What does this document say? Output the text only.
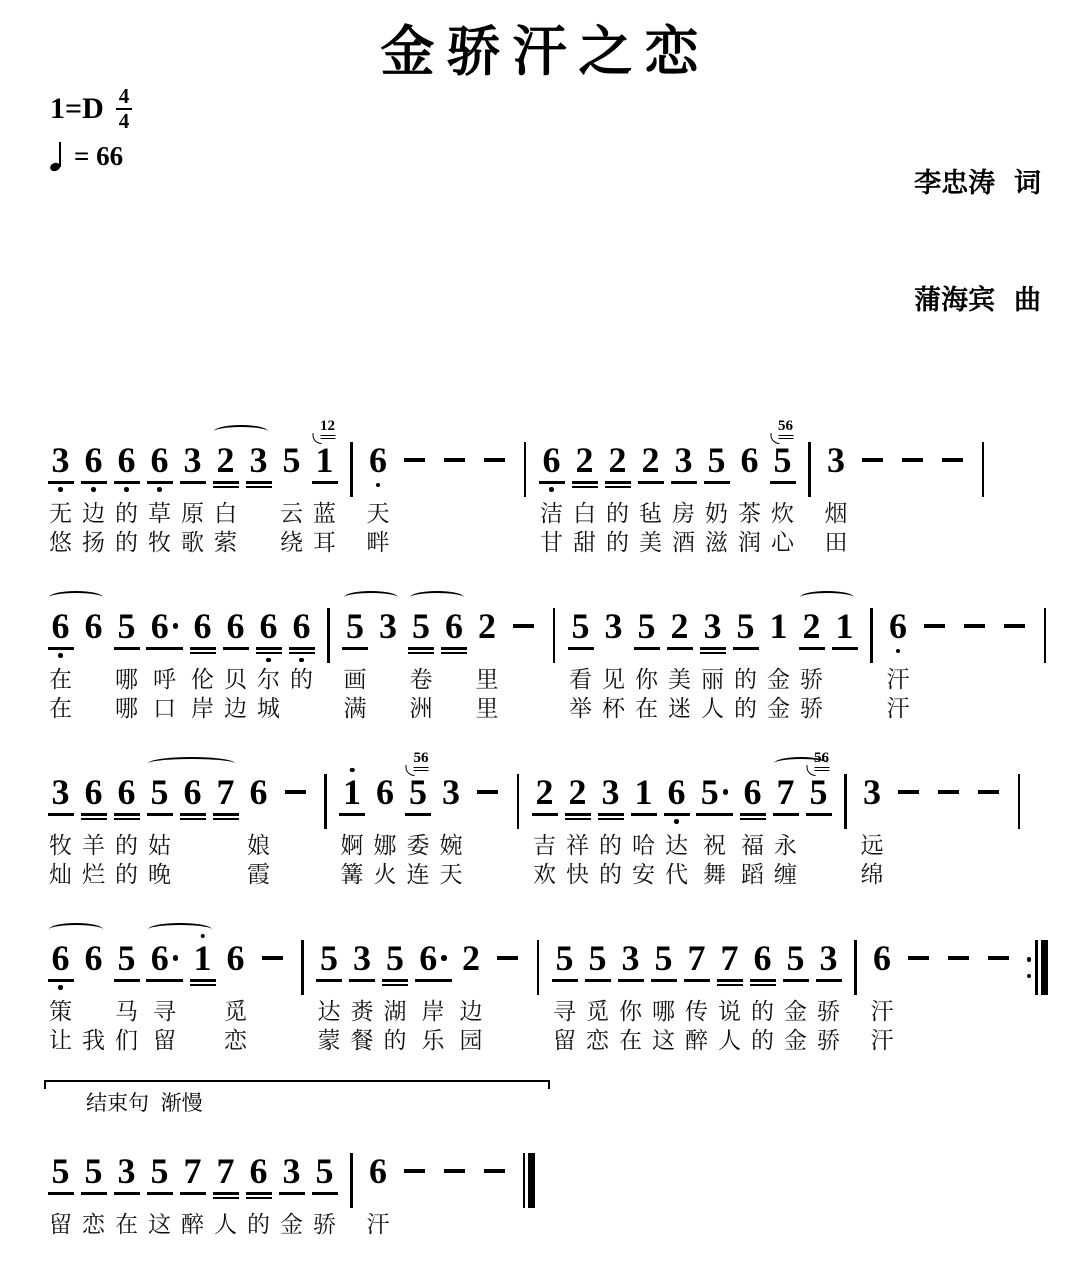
金骄汗之恋
1=D 4
4
= 66

李忠涛  词

蒲海宾  曲

3
无
悠
6
边
扬
6
的
的
6
草
牧
3
原
歌
2
白
萦
3 5
云
绕
12
1
蓝
耳
6
天
畔
6
洁
甘
2
白
甜
2
的
的
2
毡
美
3
房
酒
5
奶
滋
6
茶
润
56
5
炊
心
3
烟
田
6
在
在
6 5
哪
哪
6
呼
口
6
伦
岸
6
贝
边
6
尔
城
6
的
5
画
满
3 5
卷
洲
6 2
里
里
5
看
举
3
见
杯
5
你
在
2
美
迷
3
丽
人
5
的
的
1
金
金
2
骄
骄
1 6
汗
汗
3
牧
灿
6
羊
烂
6
的
的
5
姑
晚
6 7 6
娘
霞
1
婀
篝
6
娜
火
56
5
委
连
3
婉
天
2
吉
欢
2
祥
快
3
的
的
1
哈
安
6
达
代
5
祝
舞
6
福
蹈
7
永
缠
56
5 3
远
绵
6
策
让
6
我
5
马
们
6
寻
留
1 6
觅
恋
5
达
蒙
3
赉
餐
5
湖
的
6
岸
乐
2
边
园
5
寻
留
5
觅
恋
3
你
在
5
哪
这
7
传
醉
7
说
人
6
的
的
5
金
金
3
骄
骄
6
汗
汗
结束句  渐慢
5
留
5
恋
3
在
5
这
7
醉
7
人
6
的
3
金
5
骄
6
汗
